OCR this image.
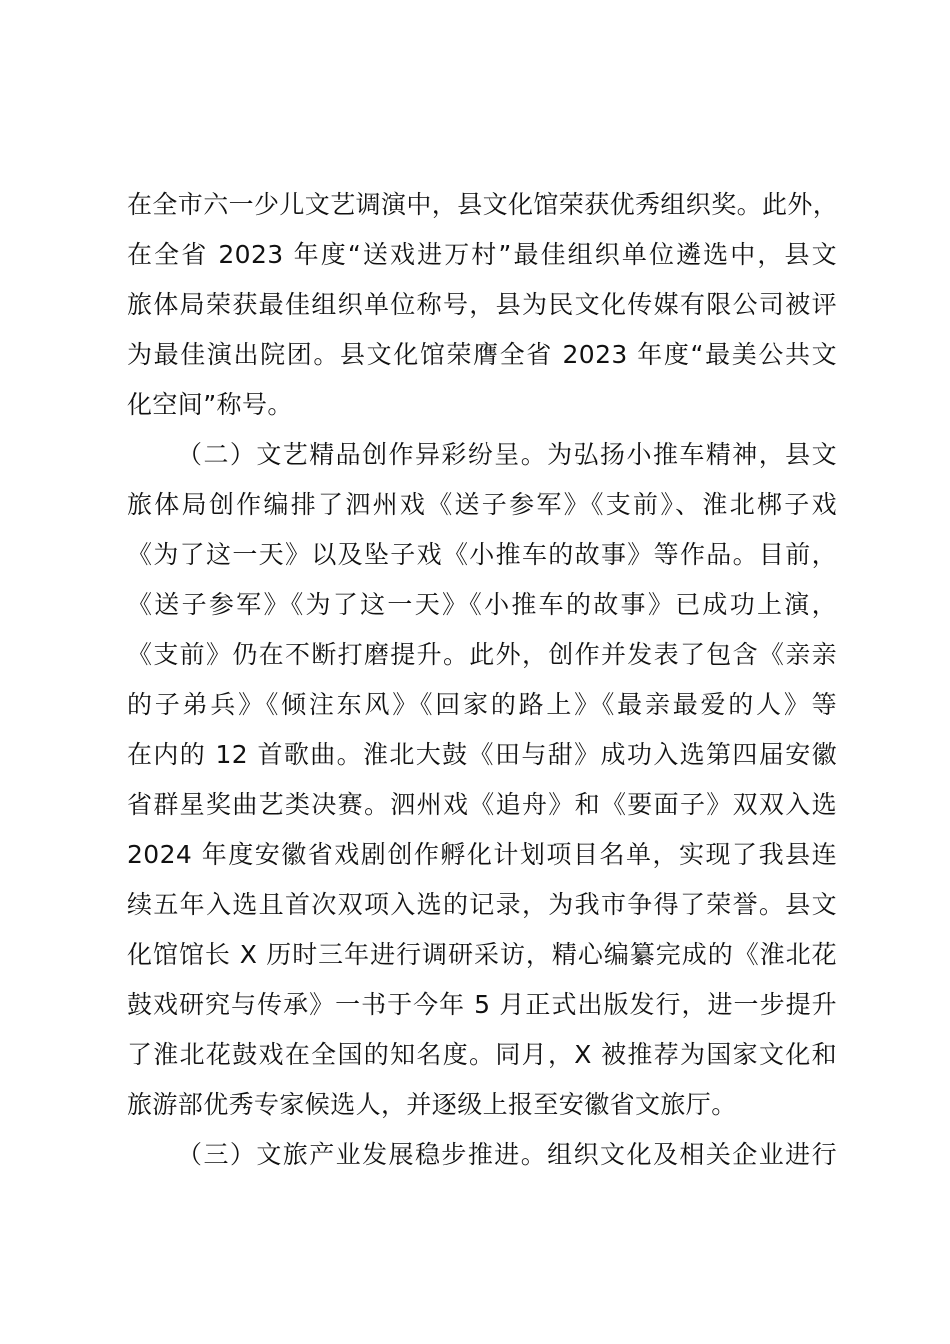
在全市六一少儿文艺调演中，县文化馆荣获优秀组织奖。此外，
在全省 2023 年度“送戏进万村”最佳组织单位遴选中，县文
旅体局荣获最佳组织单位称号，县为民文化传媒有限公司被评
为最佳演出院团。县文化馆荣膺全省 2023 年度“最美公共文
化空间”称号。
（二）文艺精品创作异彩纷呈。为弘扬小推车精神，县文
旅体局创作编排了泗州戏《送子参军》《支前》、淮北梆子戏
《为了这一天》以及坠子戏《小推车的故事》等作品。目前，
《送子参军》《为了这一天》《小推车的故事》已成功上演，
《支前》仍在不断打磨提升。此外，创作并发表了包含《亲亲
的子弟兵》《倾注东风》《回家的路上》《最亲最爱的人》等
在内的 12 首歌曲。淮北大鼓《田与甜》成功入选第四届安徽
省群星奖曲艺类决赛。泗州戏《追舟》和《要面子》双双入选
2024 年度安徽省戏剧创作孵化计划项目名单，实现了我县连
续五年入选且首次双项入选的记录，为我市争得了荣誉。县文
化馆馆长 X 历时三年进行调研采访，精心编纂完成的《淮北花
鼓戏研究与传承》一书于今年 5 月正式出版发行，进一步提升
了淮北花鼓戏在全国的知名度。同月，X 被推荐为国家文化和
旅游部优秀专家候选人，并逐级上报至安徽省文旅厅。
（三）文旅产业发展稳步推进。组织文化及相关企业进行
